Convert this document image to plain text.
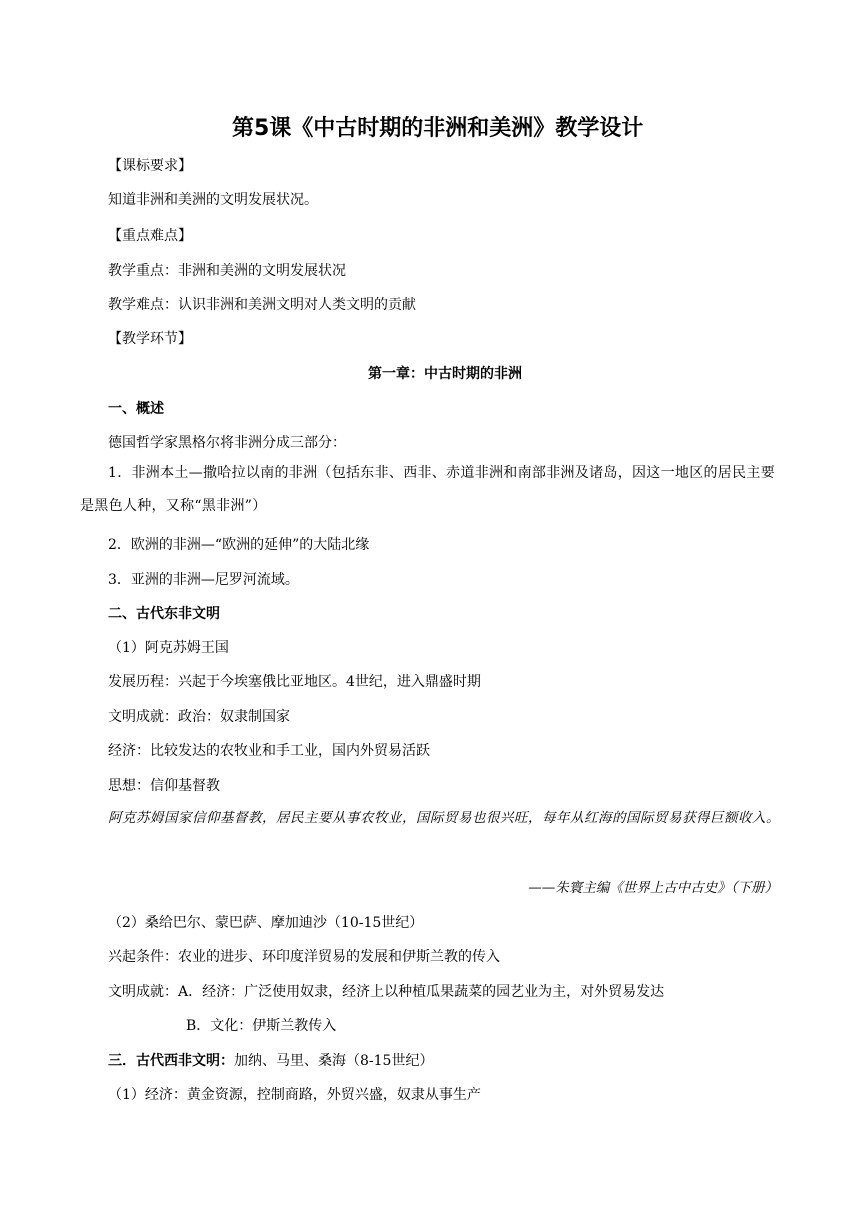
第5课《中古时期的非洲和美洲》教学设计
【课标要求】
知道非洲和美洲的文明发展状况。
【重点难点】
教学重点：非洲和美洲的文明发展状况
教学难点：认识非洲和美洲文明对人类文明的贡献
【教学环节】
第一章：中古时期的非洲
一、概述
德国哲学家黑格尔将非洲分成三部分：
1．非洲本土—撒哈拉以南的非洲（包括东非、西非、赤道非洲和南部非洲及诸岛，因这一地区的居民主要是黑色人种，又称“黑非洲”）
2．欧洲的非洲—“欧洲的延伸”的大陆北缘
3．亚洲的非洲—尼罗河流域。
二、古代东非文明
（1）阿克苏姆王国
发展历程：兴起于今埃塞俄比亚地区。4世纪，进入鼎盛时期
文明成就：政治：奴隶制国家
经济：比较发达的农牧业和手工业，国内外贸易活跃
思想：信仰基督教
阿克苏姆国家信仰基督教，居民主要从事农牧业，国际贸易也很兴旺，每年从红海的国际贸易获得巨额收入。
——朱寰主编《世界上古中古史》（下册）
（2）桑给巴尔、蒙巴萨、摩加迪沙（10-15世纪）
兴起条件：农业的进步、环印度洋贸易的发展和伊斯兰教的传入
文明成就：A．经济：广泛使用奴隶，经济上以种植瓜果蔬菜的园艺业为主，对外贸易发达
B．文化：伊斯兰教传入
三．古代西非文明：加纳、马里、桑海（8-15世纪）
（1）经济：黄金资源，控制商路，外贸兴盛，奴隶从事生产
